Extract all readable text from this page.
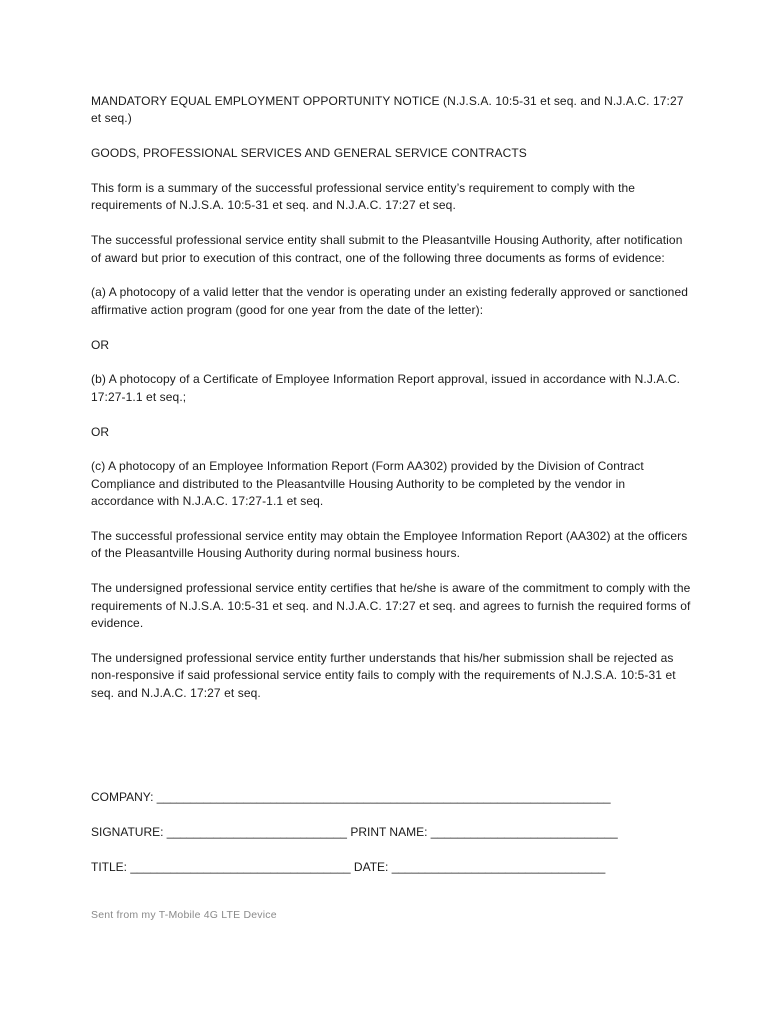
MANDATORY EQUAL EMPLOYMENT OPPORTUNITY NOTICE (N.J.S.A. 10:5-31 et seq. and N.J.A.C. 17:27 et seq.)

GOODS, PROFESSIONAL SERVICES AND GENERAL SERVICE CONTRACTS

This form is a summary of the successful professional service entity’s requirement to comply with the requirements of N.J.S.A. 10:5-31 et seq. and N.J.A.C. 17:27 et seq.

The successful professional service entity shall submit to the Pleasantville Housing Authority, after notification of award but prior to execution of this contract, one of the following three documents as forms of evidence:

(a) A photocopy of a valid letter that the vendor is operating under an existing federally approved or sanctioned affirmative action program (good for one year from the date of the letter):

OR

(b) A photocopy of a Certificate of Employee Information Report approval, issued in accordance with N.J.A.C. 17:27-1.1 et seq.;

OR

(c) A photocopy of an Employee Information Report (Form AA302) provided by the Division of Contract Compliance and distributed to the Pleasantville Housing Authority to be completed by the vendor in accordance with N.J.A.C. 17:27-1.1 et seq.

The successful professional service entity may obtain the Employee Information Report (AA302) at the officers of the Pleasantville Housing Authority during normal business hours.

The undersigned professional service entity certifies that he/she is aware of the commitment to comply with the requirements of N.J.S.A. 10:5-31 et seq. and N.J.A.C. 17:27 et seq. and agrees to furnish the required forms of evidence.

The undersigned professional service entity further understands that his/her submission shall be rejected as non-responsive if said professional service entity fails to comply with the requirements of N.J.S.A. 10:5-31 et seq. and N.J.A.C. 17:27 et seq.

COMPANY: ____________________________________________________________________
SIGNATURE: ___________________________ PRINT NAME: ____________________________
TITLE: _________________________________ DATE: ________________________________
Sent from my T-Mobile 4G LTE Device
